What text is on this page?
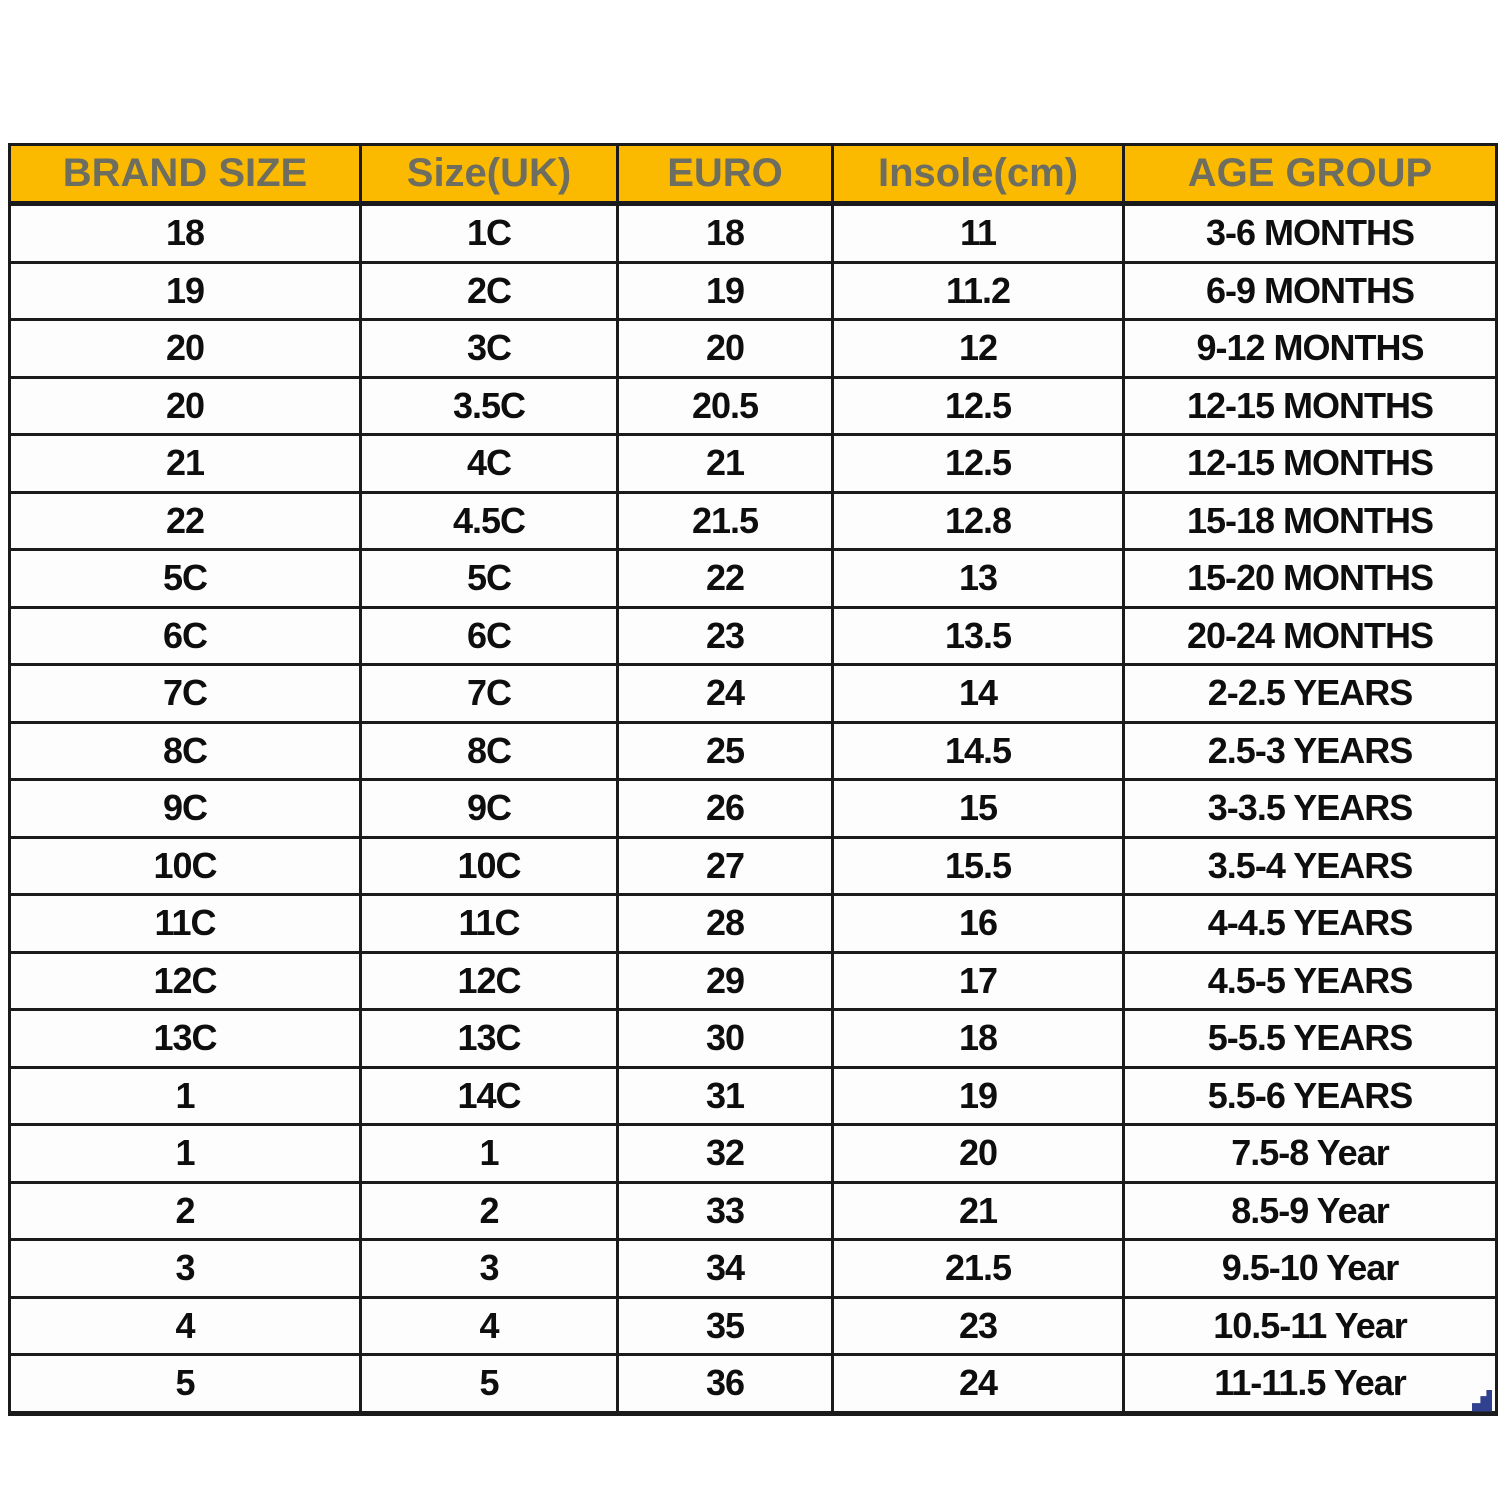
BRAND SIZE	Size(UK)	EURO	Insole(cm)	AGE GROUP
18	1C	18	11	3-6 MONTHS
19	2C	19	11.2	6-9 MONTHS
20	3C	20	12	9-12 MONTHS
20	3.5C	20.5	12.5	12-15 MONTHS
21	4C	21	12.5	12-15 MONTHS
22	4.5C	21.5	12.8	15-18 MONTHS
5C	5C	22	13	15-20 MONTHS
6C	6C	23	13.5	20-24 MONTHS
7C	7C	24	14	2-2.5 YEARS
8C	8C	25	14.5	2.5-3 YEARS
9C	9C	26	15	3-3.5 YEARS
10C	10C	27	15.5	3.5-4 YEARS
11C	11C	28	16	4-4.5 YEARS
12C	12C	29	17	4.5-5 YEARS
13C	13C	30	18	5-5.5 YEARS
1	14C	31	19	5.5-6 YEARS
1	1	32	20	7.5-8 Year
2	2	33	21	8.5-9 Year
3	3	34	21.5	9.5-10 Year
4	4	35	23	10.5-11 Year
5	5	36	24	11-11.5 Year
